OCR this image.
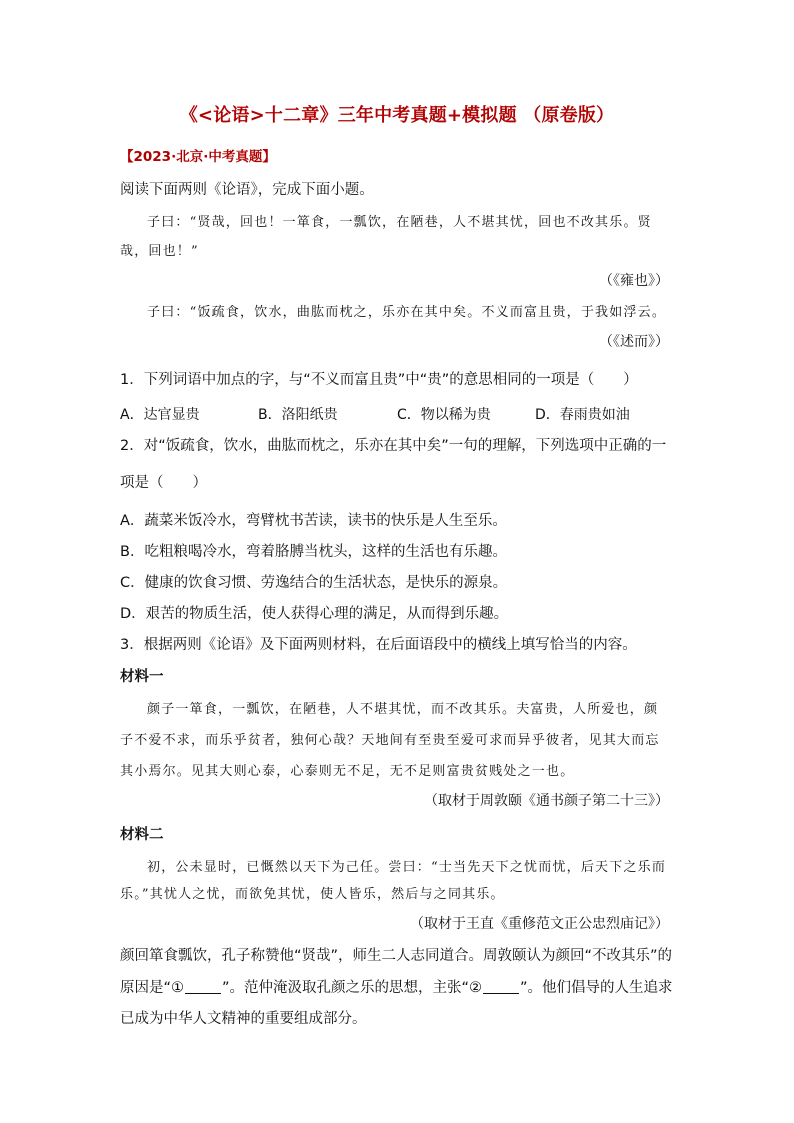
《<论语>十二章》三年中考真题+模拟题 （原卷版）
【2023·北京·中考真题】
阅读下面两则《论语》，完成下面小题。
子曰：“贤哉，回也！一箪食，一瓢饮，在陋巷，人不堪其忧，回也不改其乐。贤
哉，回也！”
（《雍也》）
子曰：“饭疏食，饮水，曲肱而枕之，乐亦在其中矣。不义而富且贵，于我如浮云。
（《述而》）
1．下列词语中加点的字，与“不义而富且贵”中“贵”的意思相同的一项是（　　）
A．达官显贵	B．洛阳纸贵	C．物以稀为贵	D．春雨贵如油
2．对“饭疏食，饮水，曲肱而枕之，乐亦在其中矣”一句的理解，下列选项中正确的一
项是（　　）
A．蔬菜米饭冷水，弯臂枕书苦读，读书的快乐是人生至乐。
B．吃粗粮喝冷水，弯着胳膊当枕头，这样的生活也有乐趣。
C．健康的饮食习惯、劳逸结合的生活状态，是快乐的源泉。
D．艰苦的物质生活，使人获得心理的满足，从而得到乐趣。
3．根据两则《论语》及下面两则材料，在后面语段中的横线上填写恰当的内容。
材料一
颜子一箪食，一瓢饮，在陋巷，人不堪其忧，而不改其乐。夫富贵，人所爱也，颜
子不爱不求，而乐乎贫者，独何心哉？天地间有至贵至爱可求而异乎彼者，见其大而忘
其小焉尔。见其大则心泰，心泰则无不足，无不足则富贵贫贱处之一也。
（取材于周敦颐《通书颜子第二十三》）
材料二
初，公未显时，已慨然以天下为己任。尝曰：“士当先天下之忧而忧，后天下之乐而
乐。”其忧人之忧，而欲免其忧，使人皆乐，然后与之同其乐。
（取材于王直《重修范文正公忠烈庙记》）
颜回箪食瓢饮，孔子称赞他“贤哉”，师生二人志同道合。周敦颐认为颜回“不改其乐”的
原因是“①	”。范仲淹汲取孔颜之乐的思想，主张“②	”。他们倡导的人生追求
已成为中华人文精神的重要组成部分。
